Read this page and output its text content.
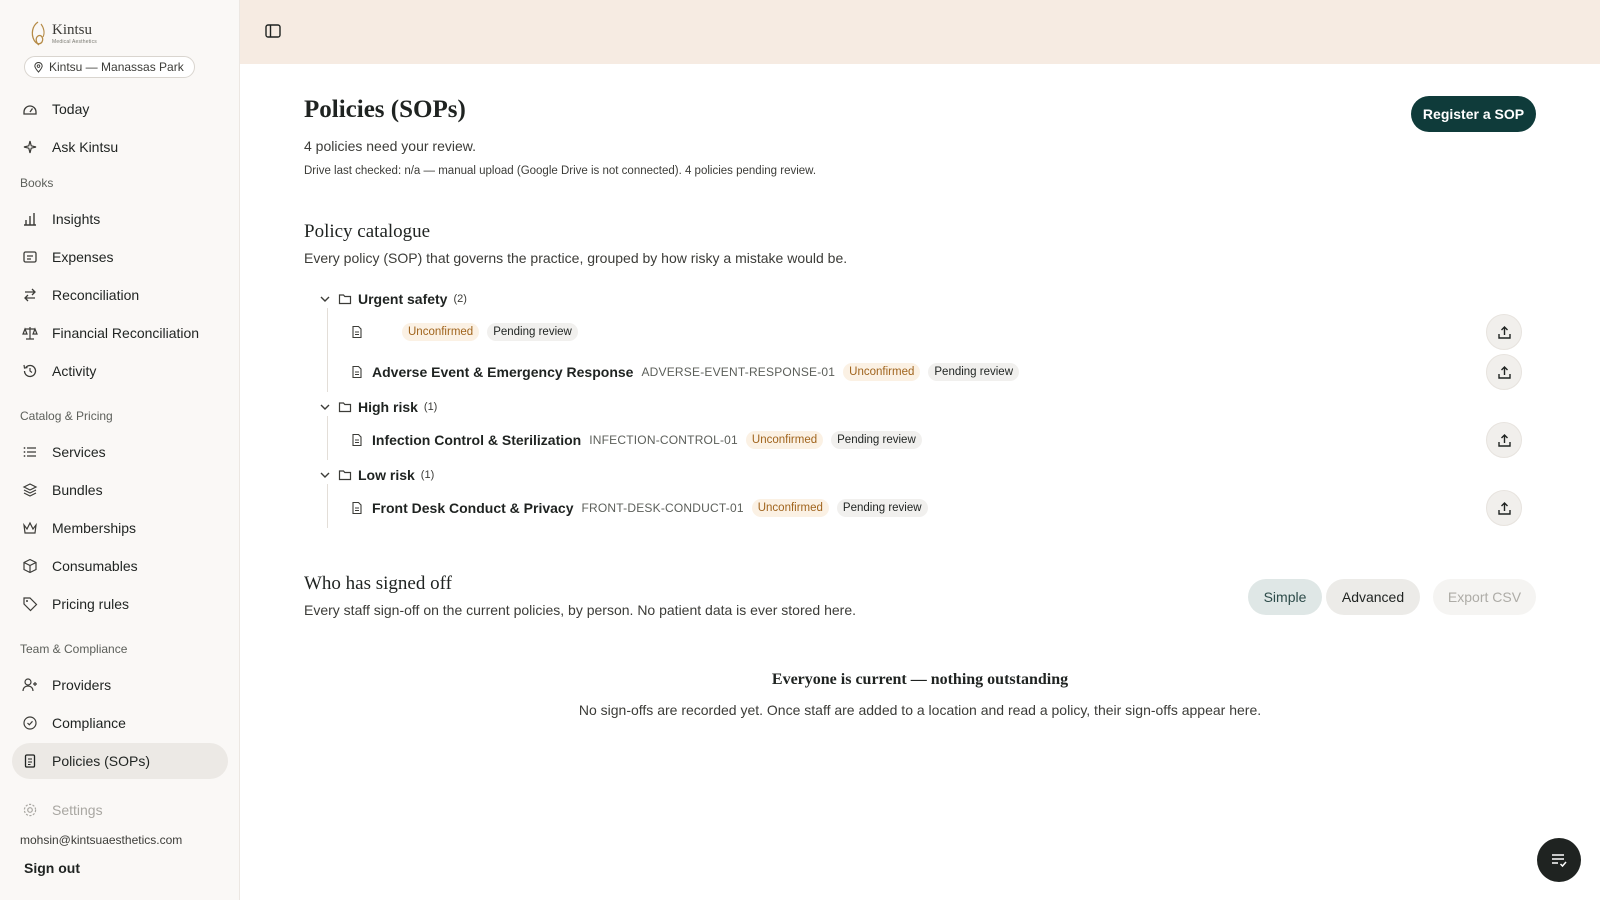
Kintsu
Medical Aesthetics
Kintsu — Manassas Park
Today
Ask Kintsu
Books
Insights
Expenses
Reconciliation
Financial Reconciliation
Activity
Catalog & Pricing
Services
Bundles
Memberships
Consumables
Pricing rules
Team & Compliance
Providers
Compliance
Policies (SOPs)
Settings
mohsin@kintsuaesthetics.com
Sign out
Policies (SOPs)
4 policies need your review.
Drive last checked: n/a — manual upload (Google Drive is not connected). 4 policies pending review.
Register a SOP
Policy catalogue
Every policy (SOP) that governs the practice, grouped by how risky a mistake would be.
Urgent safety (2)
Unconfirmed	Pending review
Adverse Event & Emergency Response ADVERSE-EVENT-RESPONSE-01	Unconfirmed	Pending review
High risk (1)
Infection Control & Sterilization INFECTION-CONTROL-01	Unconfirmed	Pending review
Low risk (1)
Front Desk Conduct & Privacy FRONT-DESK-CONDUCT-01	Unconfirmed	Pending review
Who has signed off
Every staff sign-off on the current policies, by person. No patient data is ever stored here.
Simple	Advanced	Export CSV
Everyone is current — nothing outstanding
No sign-offs are recorded yet. Once staff are added to a location and read a policy, their sign-offs appear here.
